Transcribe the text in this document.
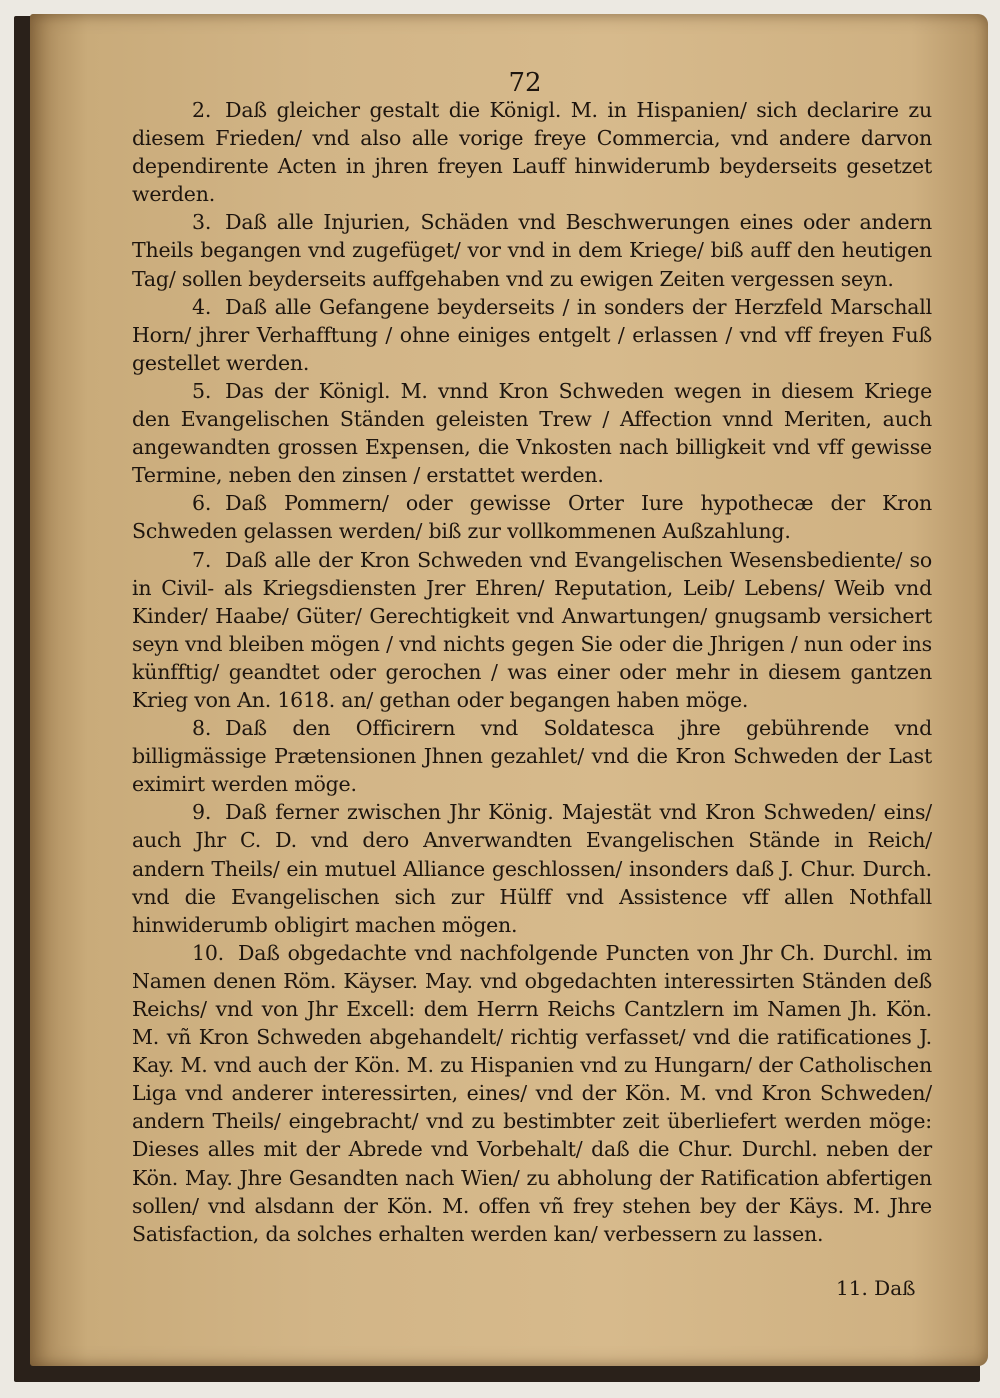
72

2. Daß gleicher gestalt die Königl. M. in Hispanien/ sich declarire zu diesem Frieden/ vnd also alle vorige freye Commercia, vnd andere darvon dependirente Acten in jhren freyen Lauff hinwiderumb beyderseits gesetzet werden.

3. Daß alle Injurien, Schäden vnd Beschwerungen eines oder andern Theils begangen vnd zugefüget/ vor vnd in dem Kriege/ biß auff den heutigen Tag/ sollen beyderseits auffgehaben vnd zu ewigen Zeiten vergessen seyn.

4. Daß alle Gefangene beyderseits / in sonders der Herzfeld Marschall Horn/ jhrer Verhafftung / ohne einiges entgelt / erlassen / vnd vff freyen Fuß gestellet werden.

5. Das der Königl. M. vnnd Kron Schweden wegen in diesem Kriege den Evangelischen Ständen geleisten Trew / Affection vnnd Meriten, auch angewandten grossen Expensen, die Vnkosten nach billigkeit vnd vff gewisse Termine, neben den zinsen / erstattet werden.

6. Daß Pommern/ oder gewisse Orter Iure hypothecæ der Kron Schweden gelassen werden/ biß zur vollkommenen Außzahlung.

7. Daß alle der Kron Schweden vnd Evangelischen Wesensbediente/ so in Civil- als Kriegsdiensten Jrer Ehren/ Reputation, Leib/ Lebens/ Weib vnd Kinder/ Haabe/ Güter/ Gerechtigkeit vnd Anwartungen/ gnugsamb versichert seyn vnd bleiben mögen / vnd nichts gegen Sie oder die Jhrigen / nun oder ins künfftig/ geandtet oder gerochen / was einer oder mehr in diesem gantzen Krieg von An. 1618. an/ gethan oder begangen haben möge.

8. Daß den Officirern vnd Soldatesca jhre gebührende vnd billigmässige Prætensionen Jhnen gezahlet/ vnd die Kron Schweden der Last eximirt werden möge.

9. Daß ferner zwischen Jhr König. Majestät vnd Kron Schweden/ eins/ auch Jhr C. D. vnd dero Anverwandten Evangelischen Stände in Reich/ andern Theils/ ein mutuel Alliance geschlossen/ insonders daß J. Chur. Durch. vnd die Evangelischen sich zur Hülff vnd Assistence vff allen Nothfall hinwiderumb obligirt machen mögen.

10. Daß obgedachte vnd nachfolgende Puncten von Jhr Ch. Durchl. im Namen denen Röm. Käyser. May. vnd obgedachten interessirten Ständen deß Reichs/ vnd von Jhr Excell: dem Herrn Reichs Cantzlern im Namen Jh. Kön. M. vñ Kron Schweden abgehandelt/ richtig verfasset/ vnd die ratificationes J. Kay. M. vnd auch der Kön. M. zu Hispanien vnd zu Hungarn/ der Catholischen Liga vnd anderer interessirten, eines/ vnd der Kön. M. vnd Kron Schweden/ andern Theils/ eingebracht/ vnd zu bestimbter zeit überliefert werden möge: Dieses alles mit der Abrede vnd Vorbehalt/ daß die Chur. Durchl. neben der Kön. May. Jhre Gesandten nach Wien/ zu abholung der Ratification abfertigen sollen/ vnd alsdann der Kön. M. offen vñ frey stehen bey der Käys. M. Jhre Satisfaction, da solches erhalten werden kan/ verbessern zu lassen.

11. Daß
